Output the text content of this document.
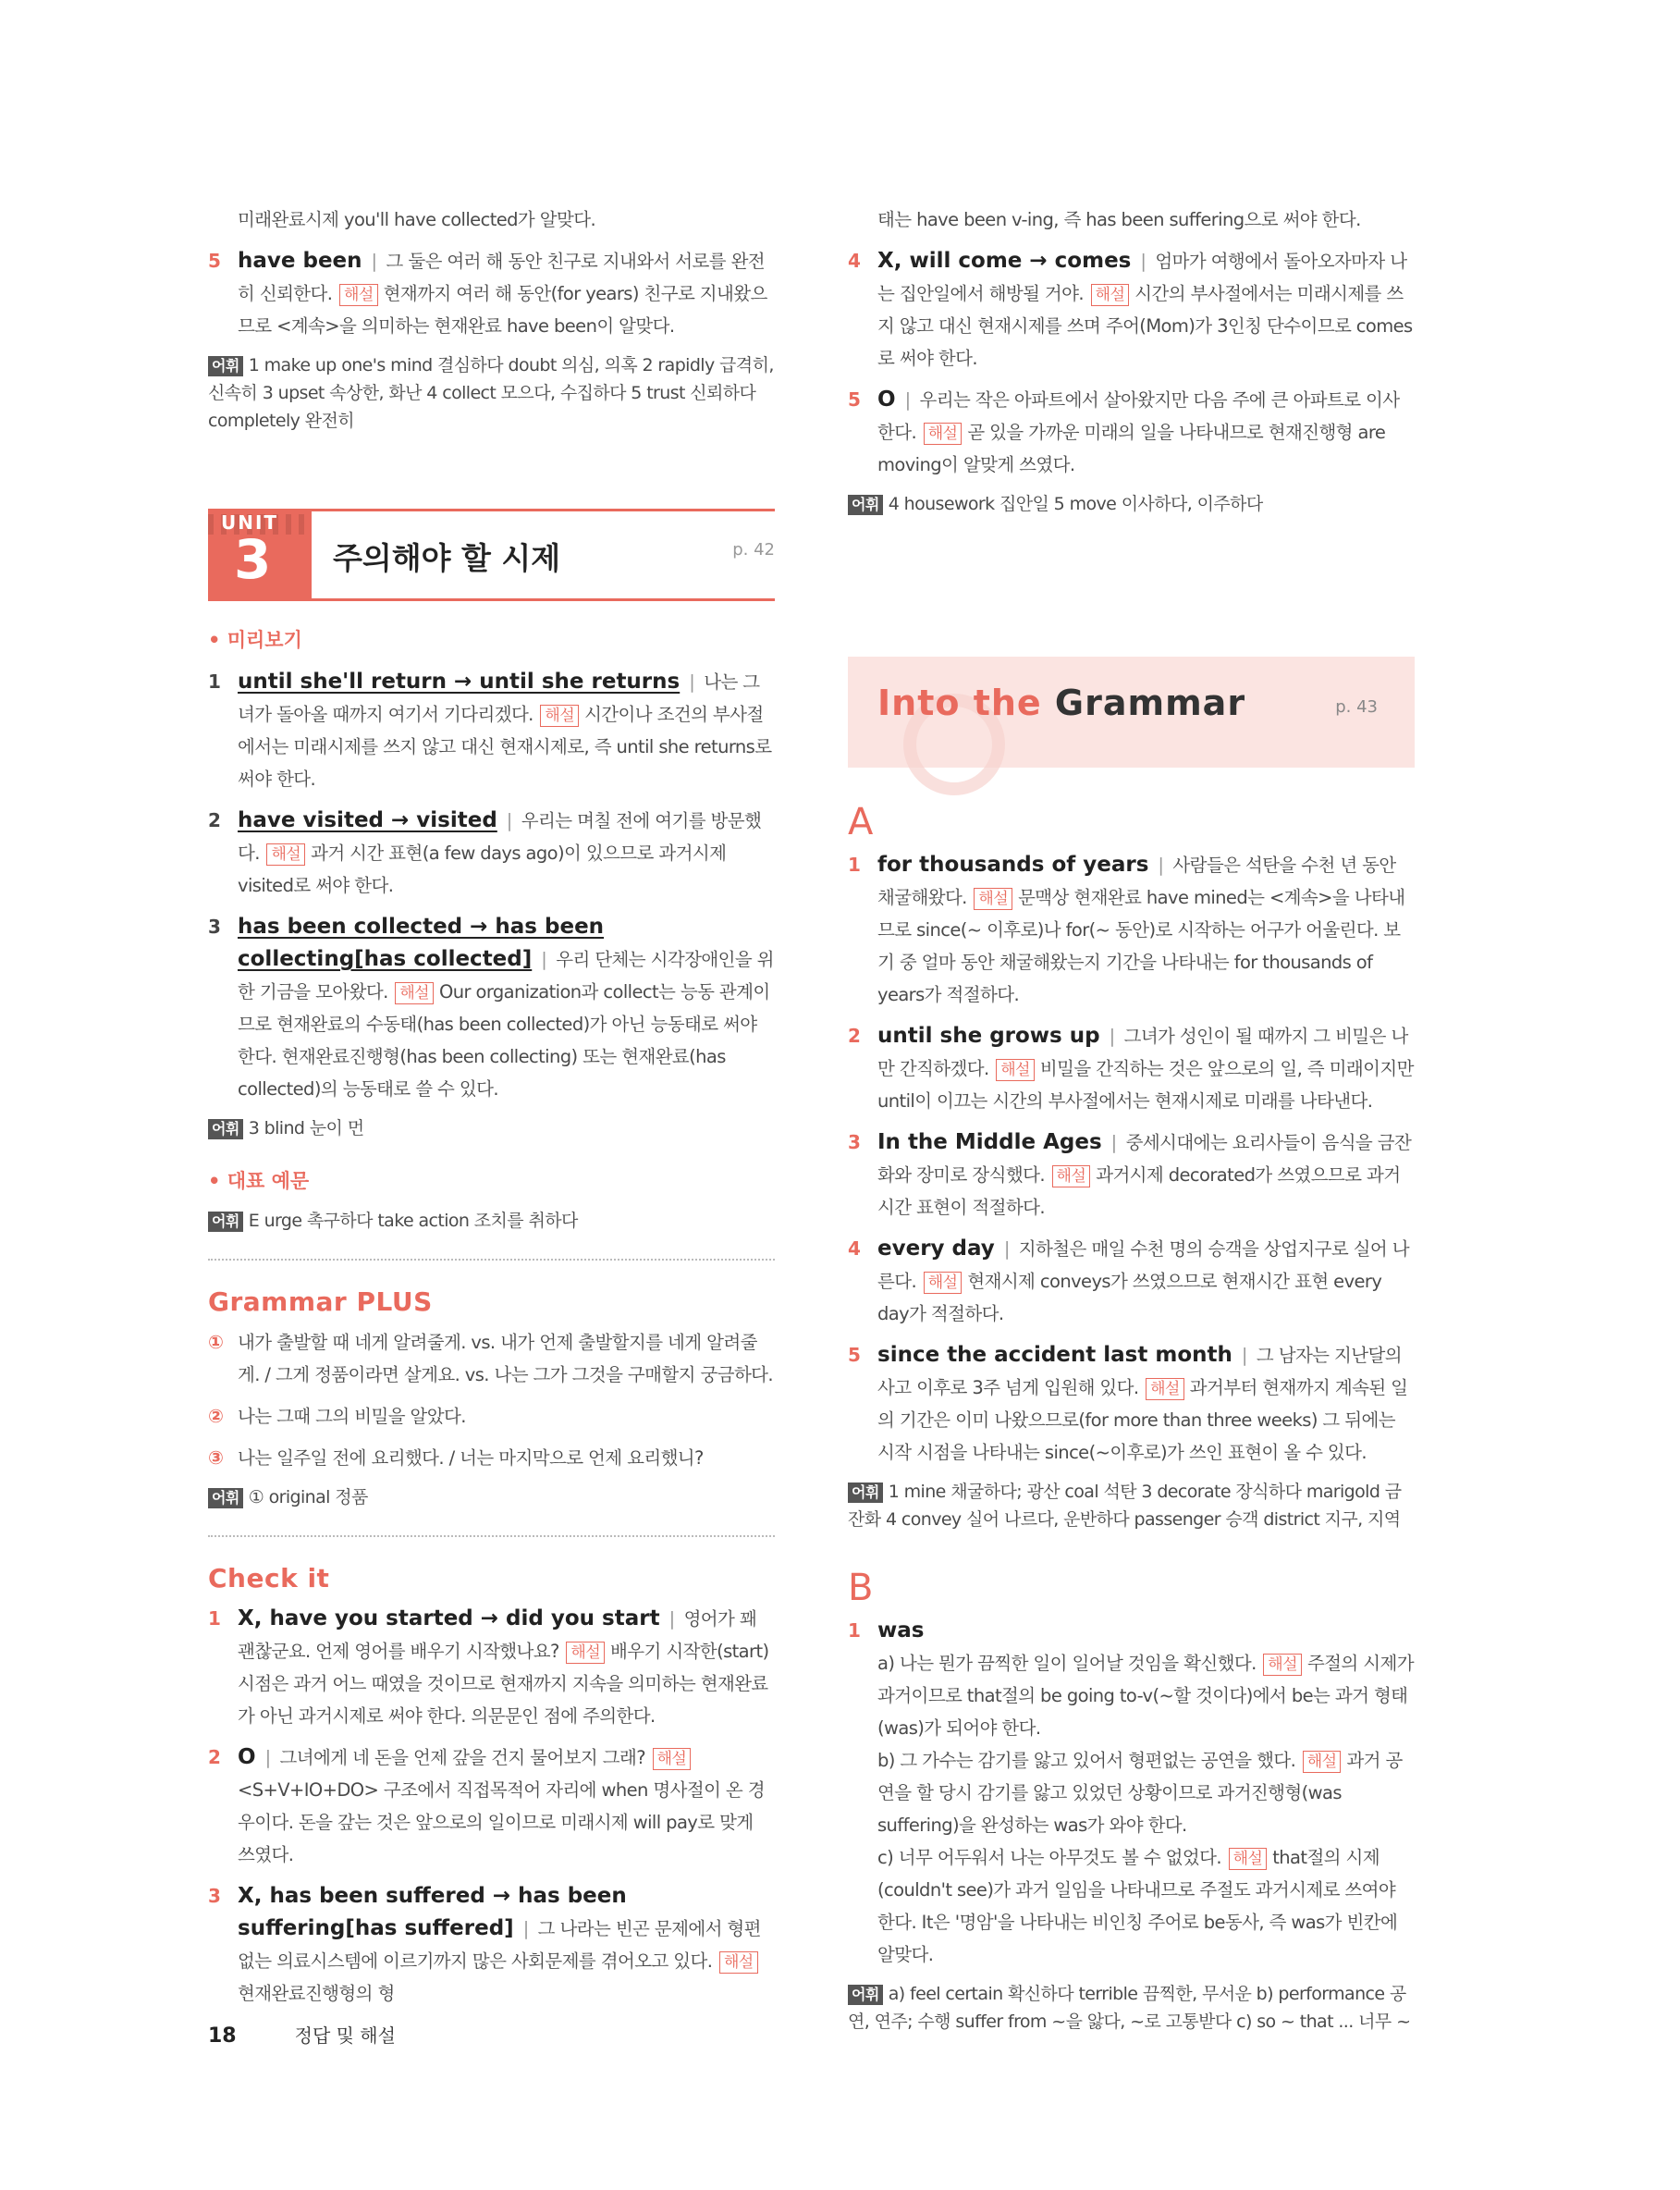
미래완료시제 you'll have collected가 알맞다.

5 have been | 그 둘은 여러 해 동안 친구로 지내와서 서로를 완전히 신뢰한다. 해설 현재까지 여러 해 동안(for years) 친구로 지내왔으므로 <계속>을 의미하는 현재완료 have been이 알맞다.
어휘 1 make up one's mind 결심하다 doubt 의심, 의혹 2 rapidly 급격히, 신속히 3 upset 속상한, 화난 4 collect 모으다, 수집하다 5 trust 신뢰하다 completely 완전히
UNIT
3 주의해야 할 시제	p. 42
• 미리보기
1 until she'll return → until she returns | 나는 그녀가 돌아올 때까지 여기서 기다리겠다. 해설 시간이나 조건의 부사절에서는 미래시제를 쓰지 않고 대신 현재시제로, 즉 until she returns로 써야 한다.
2 have visited → visited | 우리는 며칠 전에 여기를 방문했다. 해설 과거 시간 표현(a few days ago)이 있으므로 과거시제 visited로 써야 한다.
3 has been collected → has been collecting[has collected] | 우리 단체는 시각장애인을 위한 기금을 모아왔다. 해설 Our organization과 collect는 능동 관계이므로 현재완료의 수동태(has been collected)가 아닌 능동태로 써야 한다. 현재완료진행형(has been collecting) 또는 현재완료(has collected)의 능동태로 쓸 수 있다.
어휘 3 blind 눈이 먼
• 대표 예문
어휘 E urge 촉구하다 take action 조치를 취하다
Grammar PLUS
① 내가 출발할 때 네게 알려줄게. vs. 내가 언제 출발할지를 네게 알려줄게. / 그게 정품이라면 살게요. vs. 나는 그가 그것을 구매할지 궁금하다.
② 나는 그때 그의 비밀을 알았다.
③ 나는 일주일 전에 요리했다. / 너는 마지막으로 언제 요리했니?
어휘 ① original 정품
Check it
1 X, have you started → did you start | 영어가 꽤 괜찮군요. 언제 영어를 배우기 시작했나요? 해설 배우기 시작한(start) 시점은 과거 어느 때였을 것이므로 현재까지 지속을 의미하는 현재완료가 아닌 과거시제로 써야 한다. 의문문인 점에 주의한다.
2 O | 그녀에게 네 돈을 언제 갚을 건지 물어보지 그래? 해설<S+V+IO+DO> 구조에서 직접목적어 자리에 when 명사절이 온 경우이다. 돈을 갚는 것은 앞으로의 일이므로 미래시제 will pay로 맞게 쓰였다.
3 X, has been suffered → has been suffering[has suffered] | 그 나라는 빈곤 문제에서 형편없는 의료시스템에 이르기까지 많은 사회문제를 겪어오고 있다. 해설현재완료진행형의 형

태는 have been v-ing, 즉 has been suffering으로 써야 한다.

4 X, will come → comes | 엄마가 여행에서 돌아오자마자 나는 집안일에서 해방될 거야. 해설 시간의 부사절에서는 미래시제를 쓰지 않고 대신 현재시제를 쓰며 주어(Mom)가 3인칭 단수이므로 comes로 써야 한다.
5 O | 우리는 작은 아파트에서 살아왔지만 다음 주에 큰 아파트로 이사한다. 해설 곧 있을 가까운 미래의 일을 나타내므로 현재진행형 are moving이 알맞게 쓰였다.
어휘 4 housework 집안일 5 move 이사하다, 이주하다
Into the Grammar	p. 43
A
1 for thousands of years | 사람들은 석탄을 수천 년 동안 채굴해왔다. 해설 문맥상 현재완료 have mined는 <계속>을 나타내므로 since(~ 이후로)나 for(~ 동안)로 시작하는 어구가 어울린다. 보기 중 얼마 동안 채굴해왔는지 기간을 나타내는 for thousands of years가 적절하다.
2 until she grows up | 그녀가 성인이 될 때까지 그 비밀은 나만 간직하겠다. 해설 비밀을 간직하는 것은 앞으로의 일, 즉 미래이지만 until이 이끄는 시간의 부사절에서는 현재시제로 미래를 나타낸다.
3 In the Middle Ages | 중세시대에는 요리사들이 음식을 금잔화와 장미로 장식했다. 해설 과거시제 decorated가 쓰였으므로 과거 시간 표현이 적절하다.
4 every day | 지하철은 매일 수천 명의 승객을 상업지구로 실어 나른다. 해설 현재시제 conveys가 쓰였으므로 현재시간 표현 every day가 적절하다.
5 since the accident last month | 그 남자는 지난달의 사고 이후로 3주 넘게 입원해 있다. 해설 과거부터 현재까지 계속된 일의 기간은 이미 나왔으므로(for more than three weeks) 그 뒤에는 시작 시점을 나타내는 since(~이후로)가 쓰인 표현이 올 수 있다.
어휘 1 mine 채굴하다; 광산 coal 석탄 3 decorate 장식하다 marigold 금잔화 4 convey 실어 나르다, 운반하다 passenger 승객 district 지구, 지역
B
1 was
a) 나는 뭔가 끔찍한 일이 일어날 것임을 확신했다. 해설 주절의 시제가 과거이므로 that절의 be going to-v(~할 것이다)에서 be는 과거 형태(was)가 되어야 한다.
b) 그 가수는 감기를 앓고 있어서 형편없는 공연을 했다. 해설 과거 공연을 할 당시 감기를 앓고 있었던 상황이므로 과거진행형(was suffering)을 완성하는 was가 와야 한다.
c) 너무 어두워서 나는 아무것도 볼 수 없었다. 해설 that절의 시제(couldn't see)가 과거 일임을 나타내므로 주절도 과거시제로 쓰여야 한다. It은 '명암'을 나타내는 비인칭 주어로 be동사, 즉 was가 빈칸에 알맞다.
어휘 a) feel certain 확신하다 terrible 끔찍한, 무서운 b) performance 공연, 연주; 수행 suffer from ~을 앓다, ~로 고통받다 c) so ~ that ... 너무 ~
18	정답 및 해설
